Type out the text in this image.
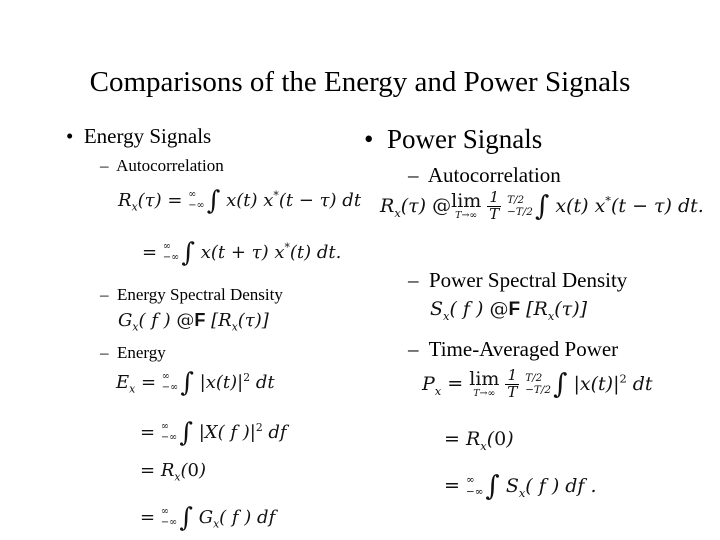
Comparisons of the Energy and Power Signals
• Energy Signals
– Autocorrelation
$R_x(\tau)$ = ∞
−∞∫ x(t) x*(t − τ) dt
= ∞
−∞∫ x(t + τ) x*(t) dt.
– Energy Spectral Density
$G_x$( f ) @F $[R_x(\tau)]$
– Energy
$E_x$ = ∞
−∞∫ $|x(t)|^2$ dt
= ∞
−∞∫ |X( f )$|^2$ df
= $R_x(0)$
= ∞
−∞∫ $G_x$( f ) df
• Power Signals
– Autocorrelation
$R_x(\tau)$ @lim
T→∞
$\frac{1}{T} T/2$
−T/2∫ x(t) x*(t − τ) dt.
– Power Spectral Density
$S_x$( f ) @F $[R_x(\tau)]$
– Time-Averaged Power
$P_x = \lim$
T→∞
$\frac{1}{T} T/2$
−T/2∫ $|x(t)|^2$ dt
= $R_x(0)$
= ∞
−∞∫ $S_x$( f ) df .
